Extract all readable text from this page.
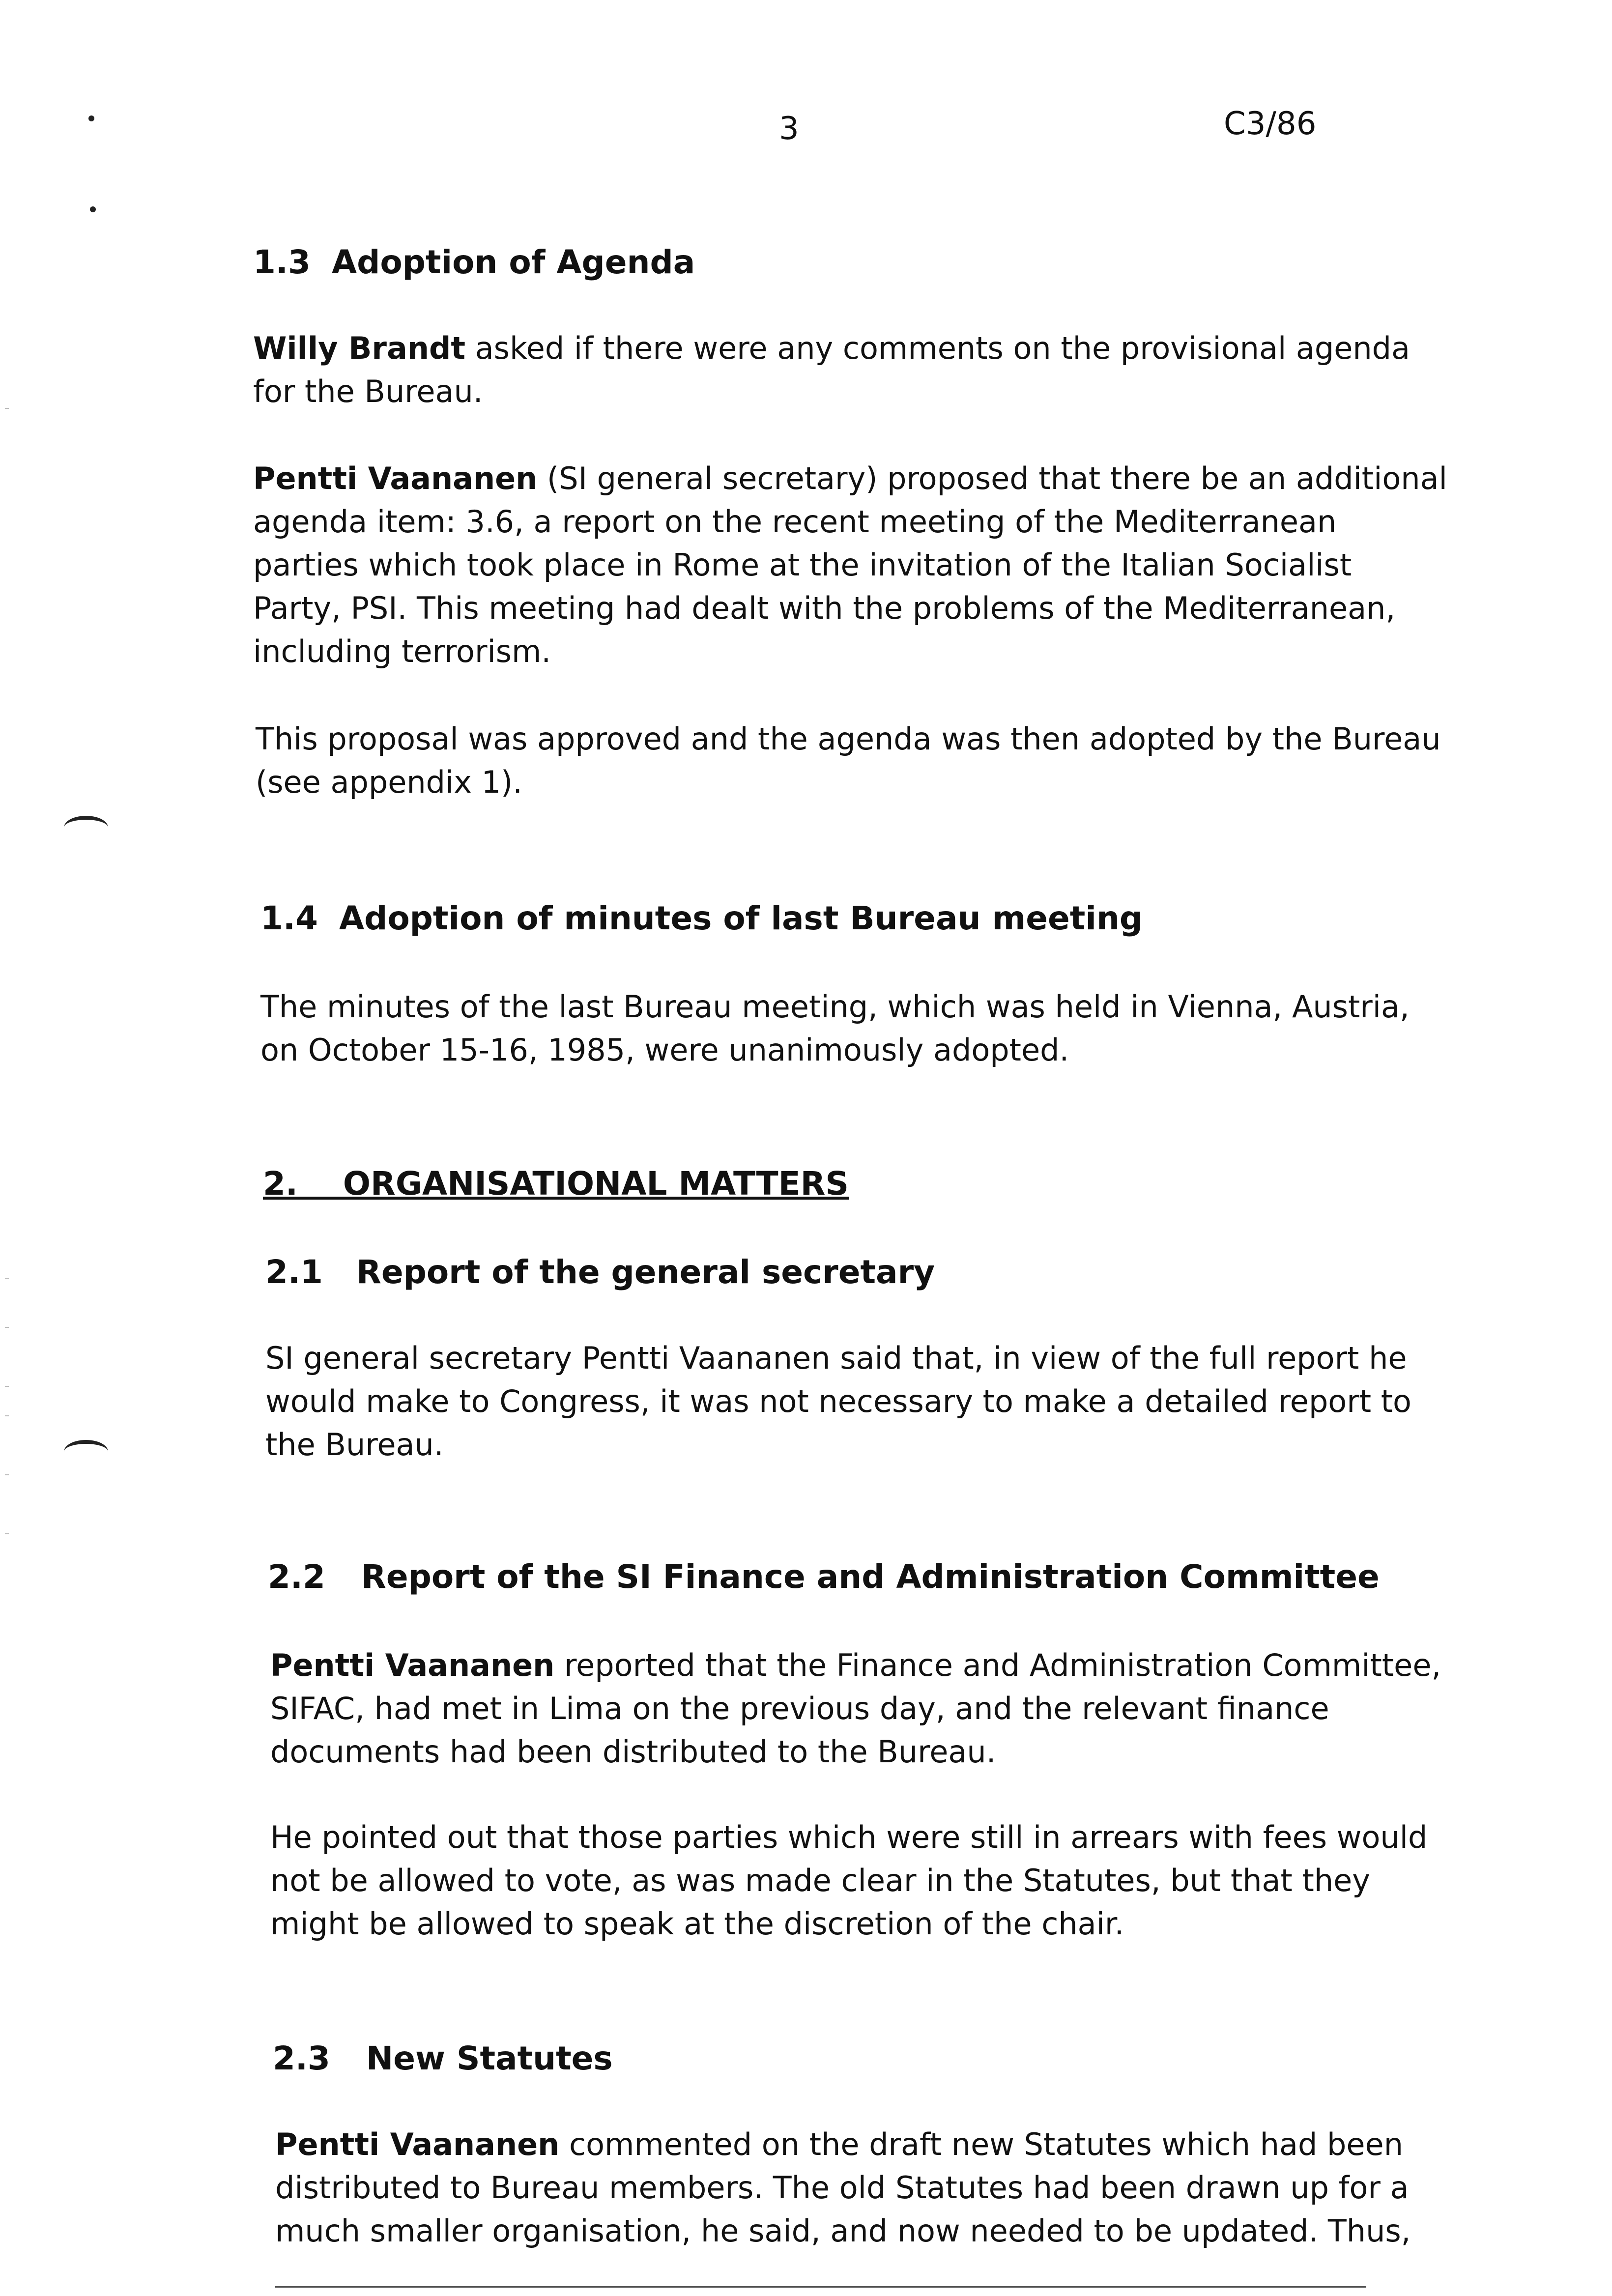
3	C3/86
1.3 Adoption of Agenda

Willy Brandt asked if there were any comments on the provisional agenda for the Bureau.

Pentti Vaananen (SI general secretary) proposed that there be an additional agenda item: 3.6, a report on the recent meeting of the Mediterranean parties which took place in Rome at the invitation of the Italian Socialist Party, PSI. This meeting had dealt with the problems of the Mediterranean, including terrorism.

This proposal was approved and the agenda was then adopted by the Bureau (see appendix 1).

1.4 Adoption of minutes of last Bureau meeting

The minutes of the last Bureau meeting, which was held in Vienna, Austria, on October 15-16, 1985, were unanimously adopted.

2.    ORGANISATIONAL MATTERS
2.1 Report of the general secretary

SI general secretary Pentti Vaananen said that, in view of the full report he would make to Congress, it was not necessary to make a detailed report to the Bureau.

2.2 Report of the SI Finance and Administration Committee

Pentti Vaananen reported that the Finance and Administration Committee, SIFAC, had met in Lima on the previous day, and the relevant finance documents had been distributed to the Bureau.

He pointed out that those parties which were still in arrears with fees would not be allowed to vote, as was made clear in the Statutes, but that they might be allowed to speak at the discretion of the chair.

2.3 New Statutes

Pentti Vaananen commented on the draft new Statutes which had been distributed to Bureau members. The old Statutes had been drawn up for a much smaller organisation, he said, and now needed to be updated. Thus,
